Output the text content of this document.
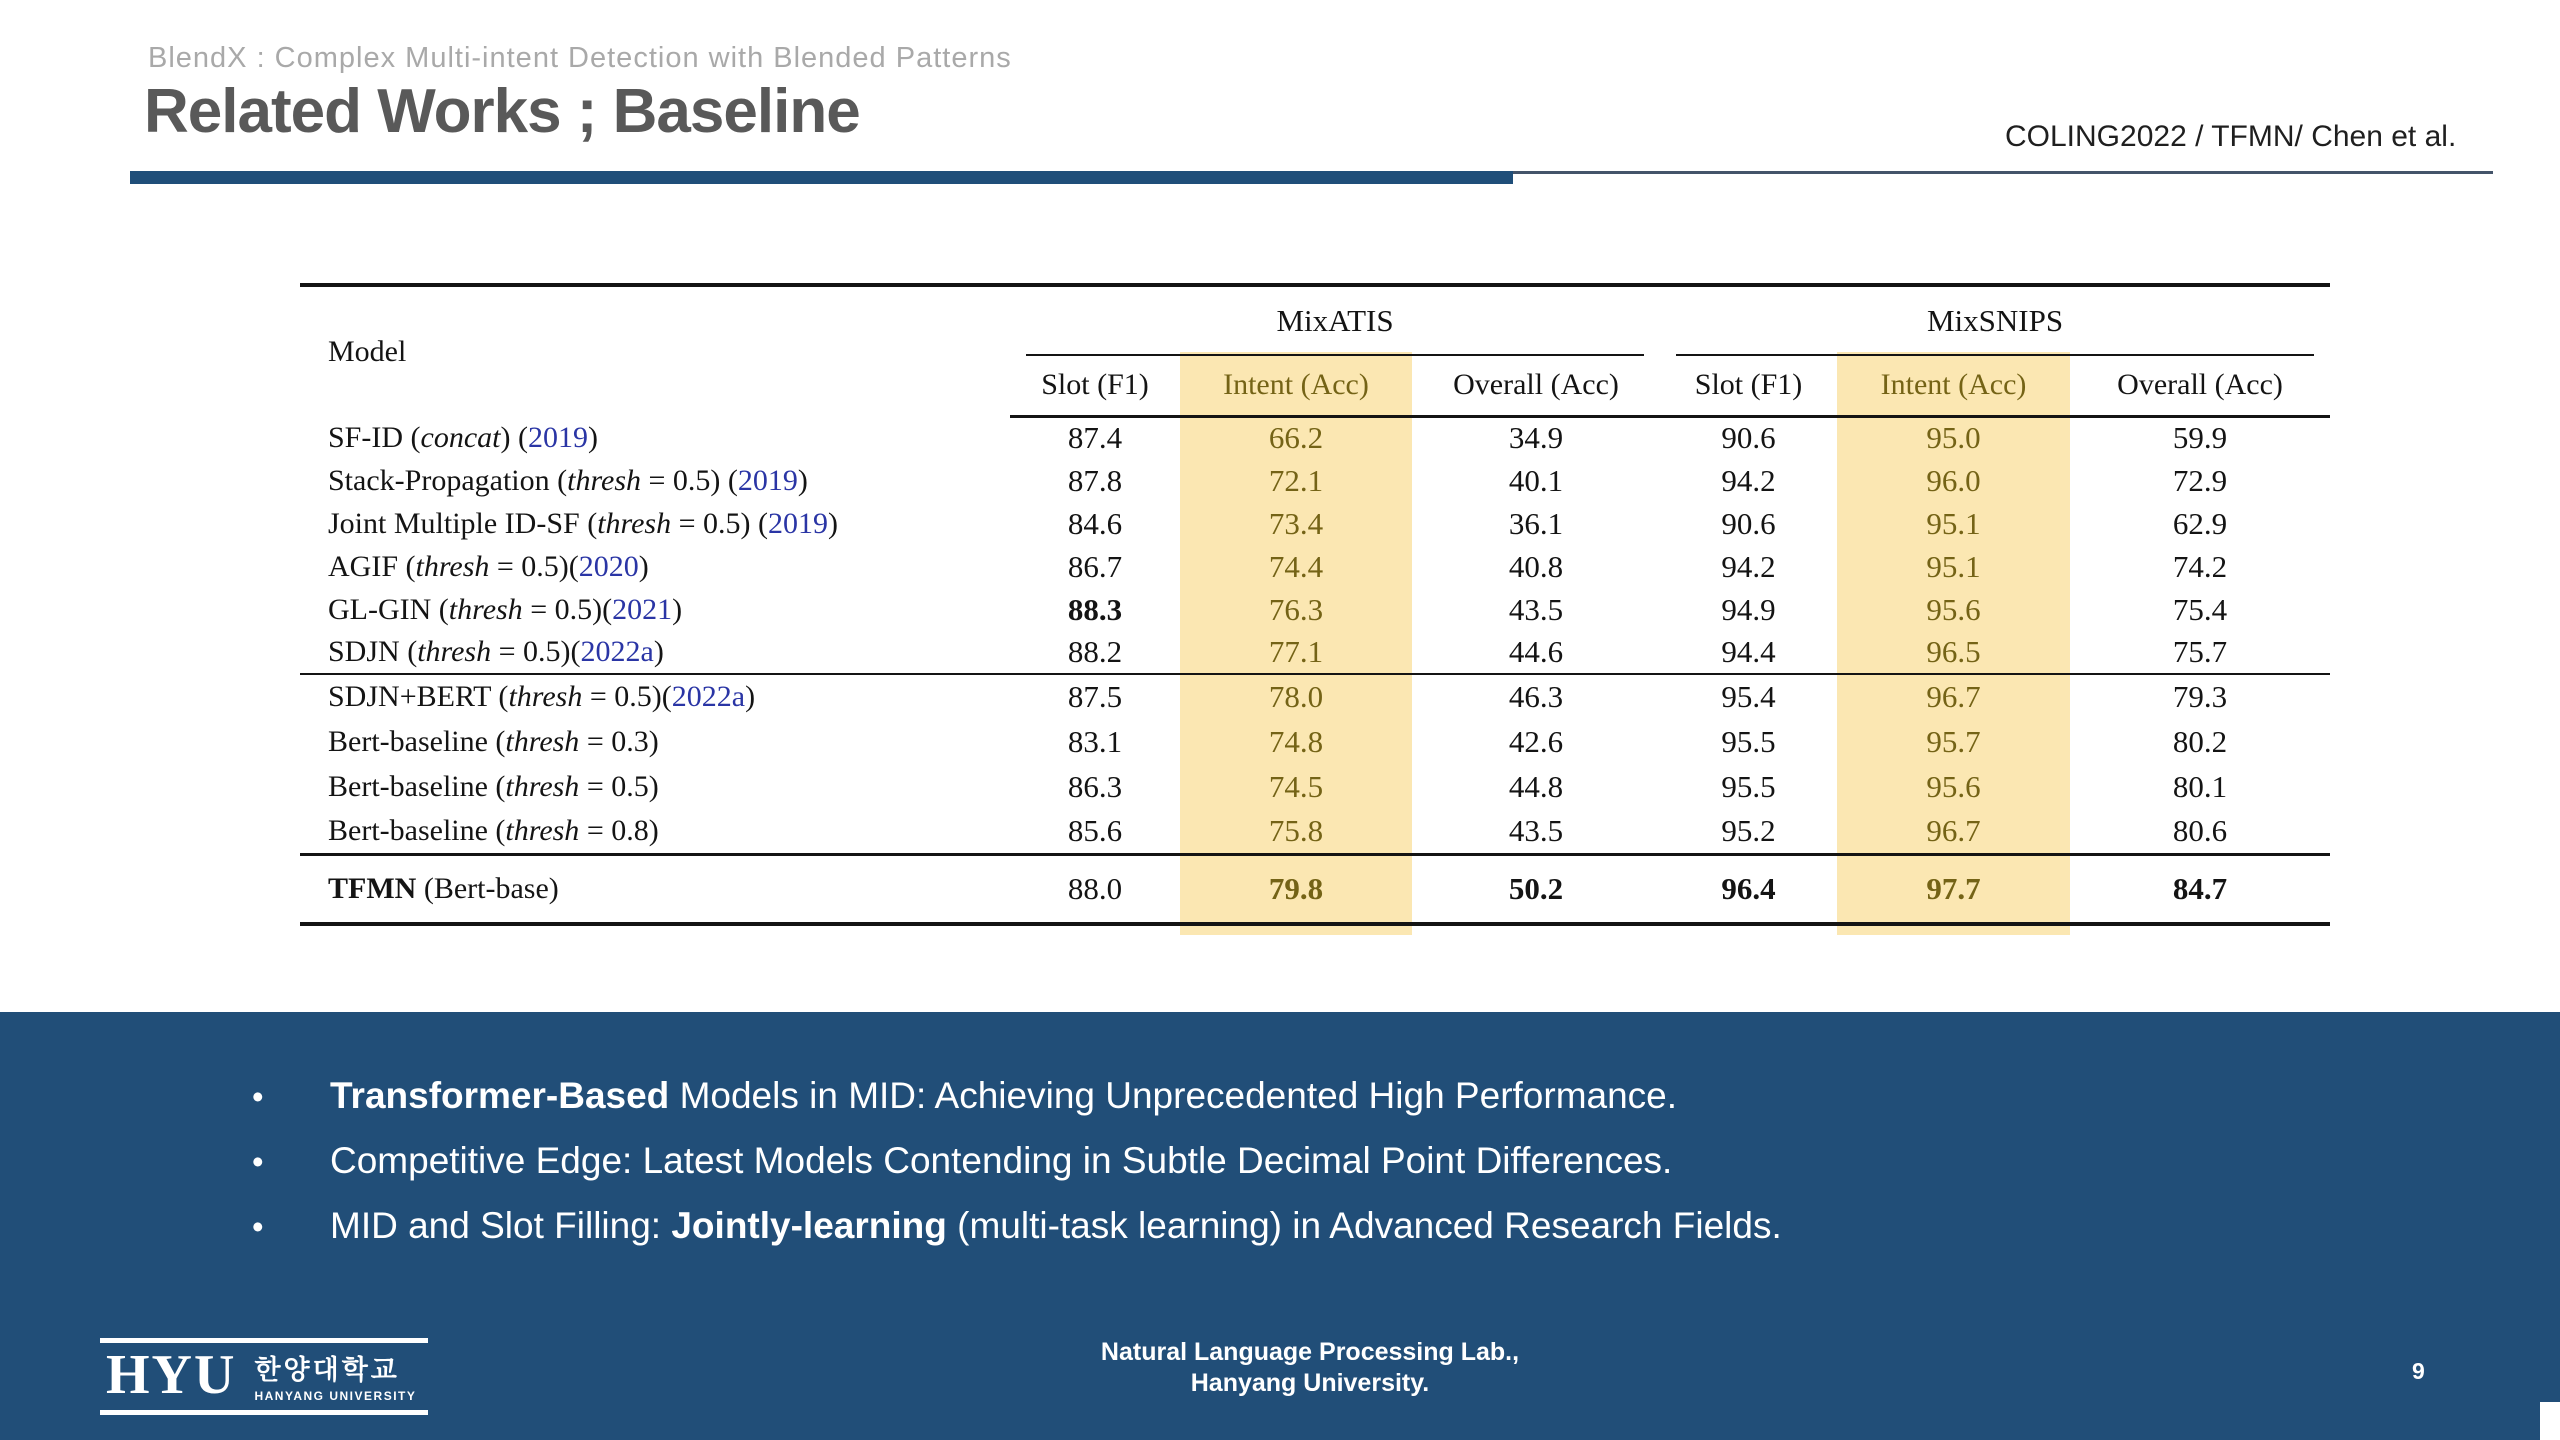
BlendX : Complex Multi-intent Detection with Blended Patterns
Related Works ; Baseline	COLING2022 / TFMN/ Chen et al.
Model	MixATIS			MixSNIPS		

	Slot (F1)	Intent (Acc)	Overall (Acc)	Slot (F1)	Intent (Acc)	Overall (Acc)
SF-ID (concat) (2019)	87.4	66.2	34.9	90.6	95.0	59.9
Stack-Propagation (thresh = 0.5) (2019)	87.8	72.1	40.1	94.2	96.0	72.9
Joint Multiple ID-SF (thresh = 0.5) (2019)	84.6	73.4	36.1	90.6	95.1	62.9
AGIF (thresh = 0.5)(2020)	86.7	74.4	40.8	94.2	95.1	74.2
GL-GIN (thresh = 0.5)(2021)	88.3	76.3	43.5	94.9	95.6	75.4
SDJN (thresh = 0.5)(2022a)	88.2	77.1	44.6	94.4	96.5	75.7
SDJN+BERT (thresh = 0.5)(2022a)	87.5	78.0	46.3	95.4	96.7	79.3
Bert-baseline (thresh = 0.3)	83.1	74.8	42.6	95.5	95.7	80.2
Bert-baseline (thresh = 0.5)	86.3	74.5	44.8	95.5	95.6	80.1
Bert-baseline (thresh = 0.8)	85.6	75.8	43.5	95.2	96.7	80.6
TFMN (Bert-base)	88.0	79.8	50.2	96.4	97.7	84.7
• Transformer-Based Models in MID: Achieving Unprecedented High Performance.
• Competitive Edge: Latest Models Contending in Subtle Decimal Point Differences.
• MID and Slot Filling: Jointly-learning (multi-task learning) in Advanced Research Fields.
HYU 한양대학교
HANYANG UNIVERSITY
Natural Language Processing Lab.,
Hanyang University.	9
